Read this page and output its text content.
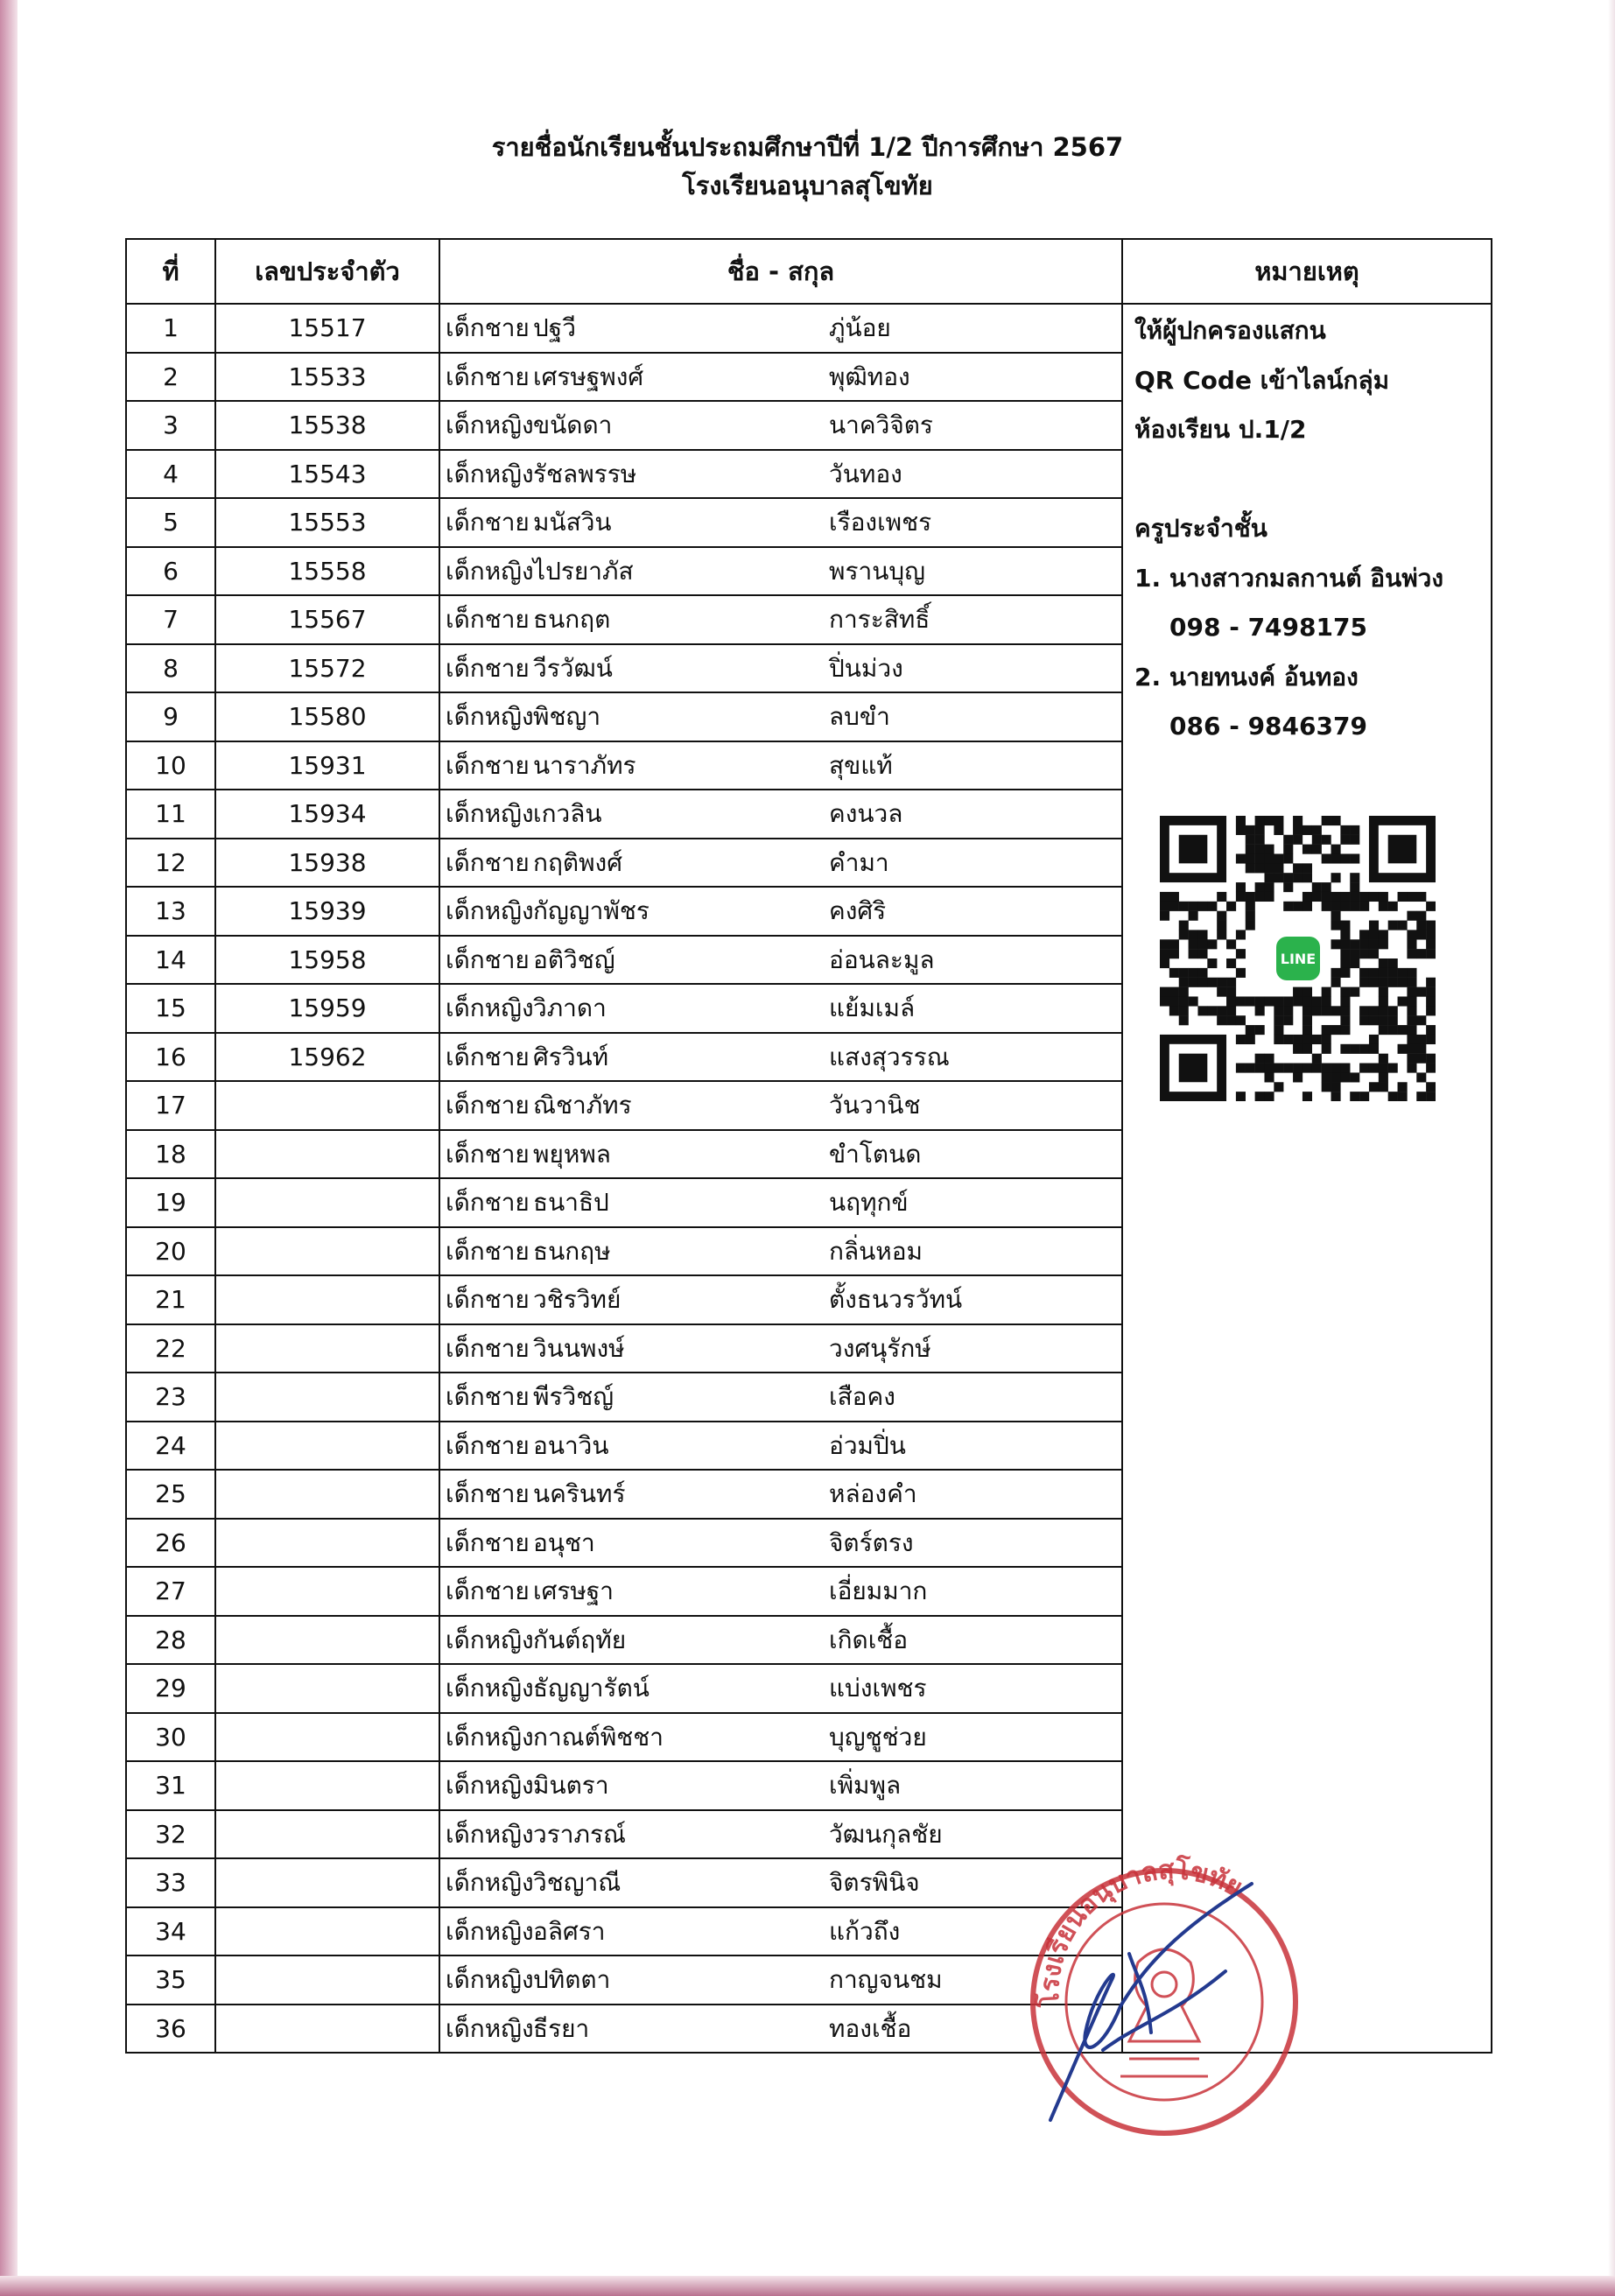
รายชื่อนักเรียนชั้นประถมศึกษาปีที่ 1/2 ปีการศึกษา 2567
โรงเรียนอนุบาลสุโขทัย
ที่	เลขประจำตัว	ชื่อ - สกุล	หมายเหตุ
1	15517	เด็กชาย ปฐวี ภู่น้อย	
2	15533	เด็กชาย เศรษฐพงศ์ พุฒิทอง	
3	15538	เด็กหญิงขนัดดา นาควิจิตร	
4	15543	เด็กหญิงรัชลพรรษ วันทอง	
5	15553	เด็กชาย มนัสวิน เรืองเพชร	
6	15558	เด็กหญิงไปรยาภัส พรานบุญ	
7	15567	เด็กชาย ธนกฤต การะสิทธิ์	
8	15572	เด็กชาย วีรวัฒน์ ปิ่นม่วง	
9	15580	เด็กหญิงพิชญา ลบขำ	
10	15931	เด็กชาย นาราภัทร สุขแท้	
11	15934	เด็กหญิงเกวลิน คงนวล	
12	15938	เด็กชาย กฤติพงศ์ คำมา	
13	15939	เด็กหญิงกัญญาพัชร คงศิริ	
14	15958	เด็กชาย อติวิชญ์ อ่อนละมูล	
15	15959	เด็กหญิงวิภาดา แย้มเมล์	
16	15962	เด็กชาย ศิรวินท์ แสงสุวรรณ	
17		เด็กชาย ณิชาภัทร วันวานิช	
18		เด็กชาย พยุหพล ขำโตนด	
19		เด็กชาย ธนาธิป นฤทุกข์	
20		เด็กชาย ธนกฤษ กลิ่นหอม	
21		เด็กชาย วชิรวิทย์ ตั้งธนวรวัทน์	
22		เด็กชาย วินนพงษ์ วงศนุรักษ์	
23		เด็กชาย พีรวิชญ์ เสือคง	
24		เด็กชาย อนาวิน อ่วมปิ่น	
25		เด็กชาย นครินทร์ หล่องคำ	
26		เด็กชาย อนุชา จิตร์ตรง	
27		เด็กชาย เศรษฐา เอี่ยมมาก	
28		เด็กหญิงกันต์ฤทัย เกิดเชื้อ	
29		เด็กหญิงธัญญารัตน์ แบ่งเพชร	
30		เด็กหญิงกาณต์พิชชา บุญชูช่วย	
31		เด็กหญิงมินตรา เพิ่มพูล	
32		เด็กหญิงวราภรณ์ วัฒนกุลชัย	
33		เด็กหญิงวิชญาณี จิตรพินิจ	
34		เด็กหญิงอลิศรา แก้วถึง	
35		เด็กหญิงปทิตตา กาญจนชม	
36		เด็กหญิงธีรยา ทองเชื้อ	
ให้ผู้ปกครองแสกน
QR Code เข้าไลน์กลุ่ม
ห้องเรียน ป.1/2
ครูประจำชั้น
1. นางสาวกมลกานต์ อินพ่วง
098 - 7498175
2. นายทนงค์ อ้นทอง
086 - 9846379
LINE
โรงเรียนอนุบาลสุโขทัย
